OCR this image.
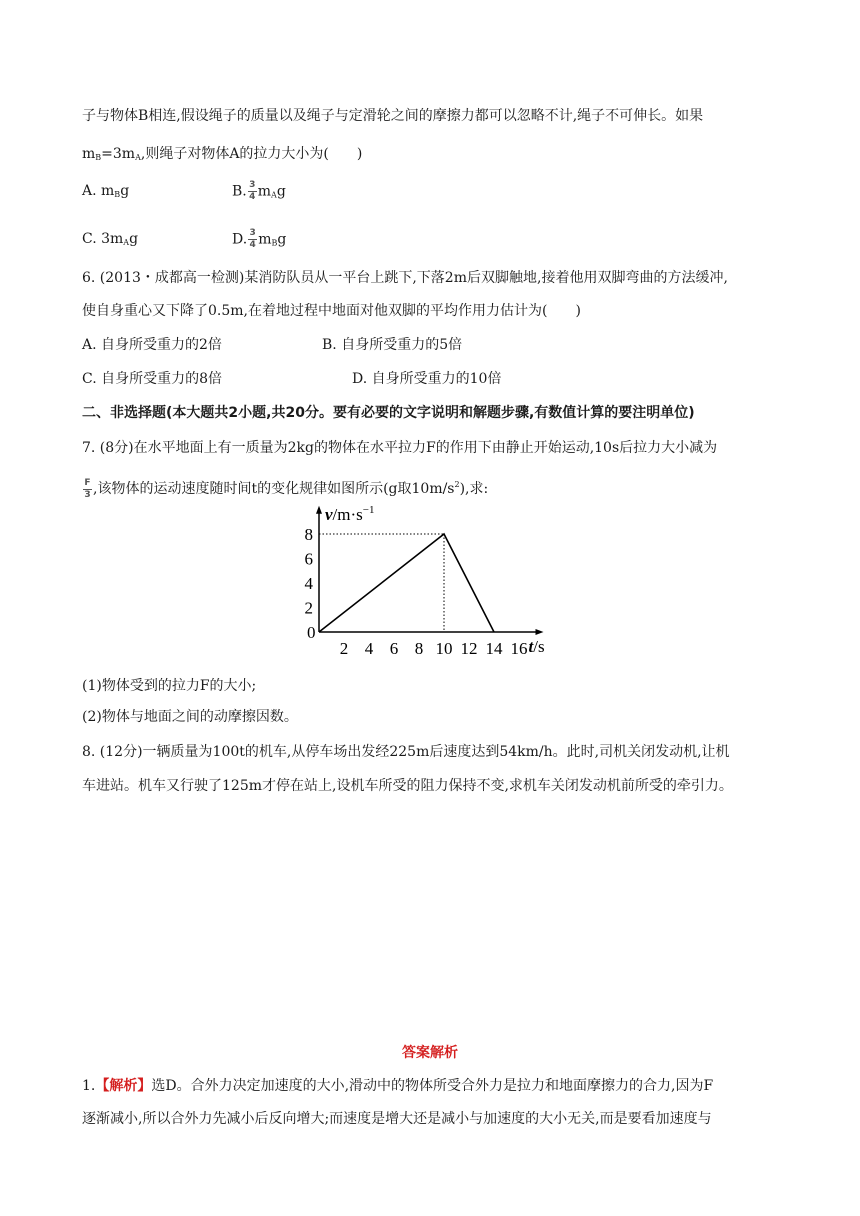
子与物体B相连,假设绳子的质量以及绳子与定滑轮之间的摩擦力都可以忽略不计,绳子不可伸长。如果
$m_B=3m_A$,则绳子对物体A的拉力大小为(　　)
A. $m_Bg$	B. $\frac{3}{4} m_Ag$
C. $3m_Ag$	D. $\frac{3}{4} m_Bg$
6. (2013・成都高一检测)某消防队员从一平台上跳下,下落2m后双脚触地,接着他用双脚弯曲的方法缓冲,
使自身重心又下降了0.5m,在着地过程中地面对他双脚的平均作用力估计为(　　)
A. 自身所受重力的2倍	B. 自身所受重力的5倍
C. 自身所受重力的8倍	D. 自身所受重力的10倍
二、非选择题(本大题共2小题,共20分。要有必要的文字说明和解题步骤,有数值计算的要注明单位)
7. (8分)在水平地面上有一质量为2kg的物体在水平拉力F的作用下由静止开始运动,10s后拉力大小减为
$\frac{F}{3}$ ,该物体的运动速度随时间t的变化规律如图所示(g取$10m/s^2$),求:
0
2 4 6 8 10 12 14 16
2
4
6
8
$v/m\cdot s^{-1}$
t/s
(1)物体受到的拉力F的大小;
(2)物体与地面之间的动摩擦因数。
8. (12分)一辆质量为100t的机车,从停车场出发经225m后速度达到54km/h。此时,司机关闭发动机,让机
车进站。机车又行驶了125m才停在站上,设机车所受的阻力保持不变,求机车关闭发动机前所受的牵引力。
答案解析
1.【解析】选D。合外力决定加速度的大小,滑动中的物体所受合外力是拉力和地面摩擦力的合力,因为F
逐渐减小,所以合外力先减小后反向增大;而速度是增大还是减小与加速度的大小无关,而是要看加速度与
